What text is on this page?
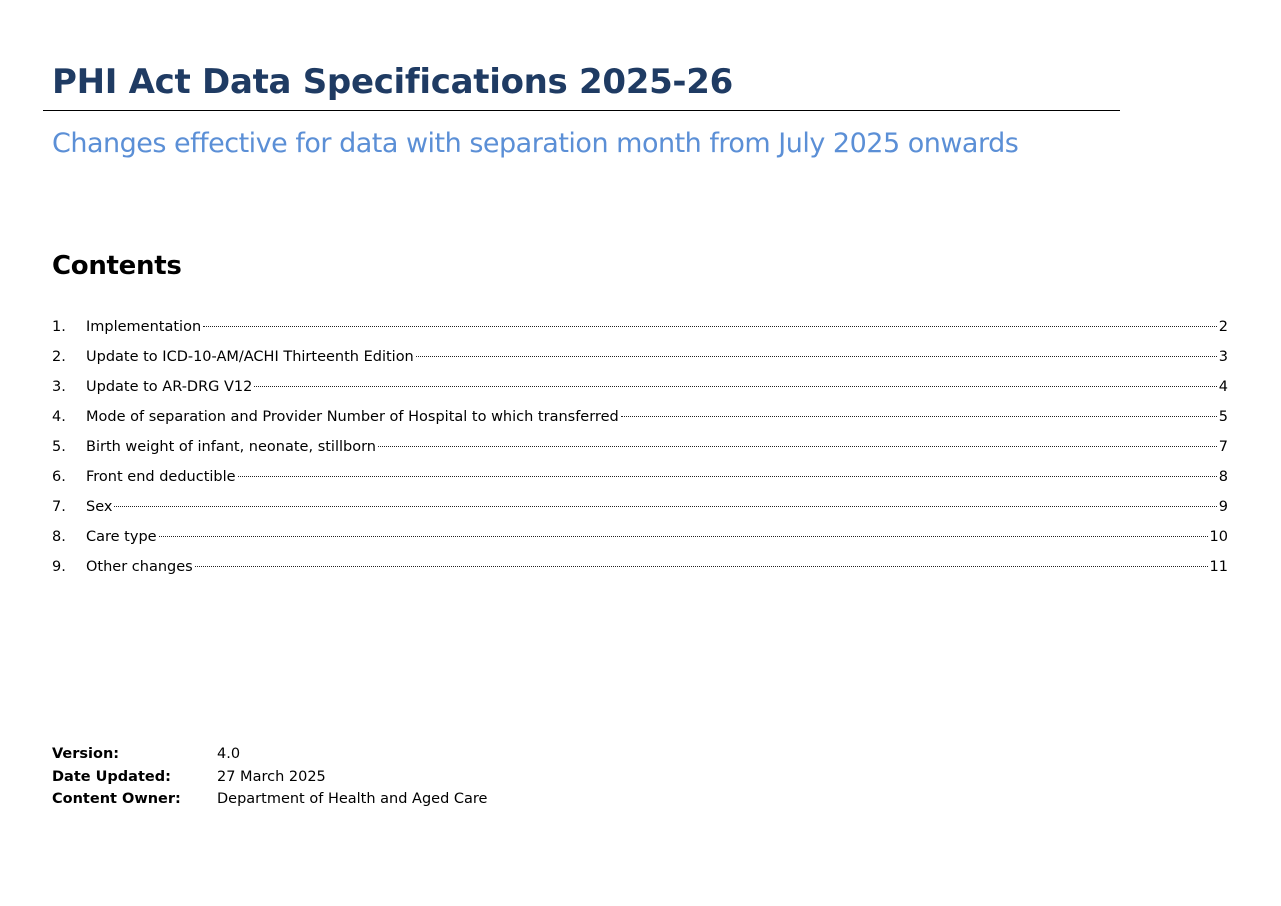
PHI Act Data Specifications 2025-26
Changes effective for data with separation month from July 2025 onwards
Contents
1.	Implementation	2
2.	Update to ICD-10-AM/ACHI Thirteenth Edition	3
3.	Update to AR-DRG V12	4
4.	Mode of separation and Provider Number of Hospital to which transferred	5
5.	Birth weight of infant, neonate, stillborn	7
6.	Front end deductible	8
7.	Sex	9
8.	Care type	10
9.	Other changes	11
Version:	4.0
Date Updated:	27 March 2025
Content Owner:	Department of Health and Aged Care
